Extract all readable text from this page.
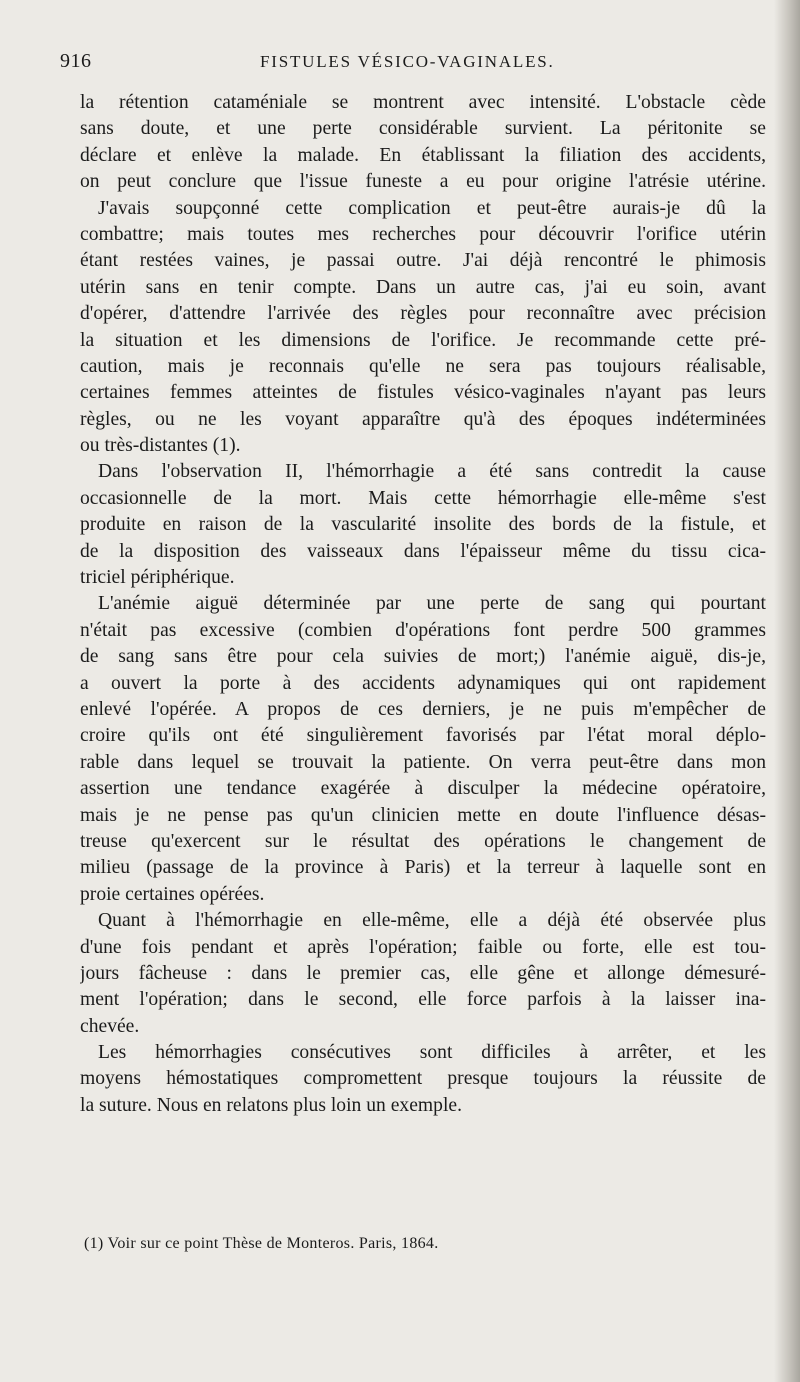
916	FISTULES VÉSICO-VAGINALES.
la rétention cataméniale se montrent avec intensité. L'obstacle cède
sans doute, et une perte considérable survient. La péritonite se
déclare et enlève la malade. En établissant la filiation des accidents,
on peut conclure que l'issue funeste a eu pour origine l'atrésie utérine.
J'avais soupçonné cette complication et peut-être aurais-je dû la
combattre; mais toutes mes recherches pour découvrir l'orifice utérin
étant restées vaines, je passai outre. J'ai déjà rencontré le phimosis
utérin sans en tenir compte. Dans un autre cas, j'ai eu soin, avant
d'opérer, d'attendre l'arrivée des règles pour reconnaître avec précision
la situation et les dimensions de l'orifice. Je recommande cette pré-
caution, mais je reconnais qu'elle ne sera pas toujours réalisable,
certaines femmes atteintes de fistules vésico-vaginales n'ayant pas leurs
règles, ou ne les voyant apparaître qu'à des époques indéterminées
ou très-distantes (1).
Dans l'observation II, l'hémorrhagie a été sans contredit la cause
occasionnelle de la mort. Mais cette hémorrhagie elle-même s'est
produite en raison de la vascularité insolite des bords de la fistule, et
de la disposition des vaisseaux dans l'épaisseur même du tissu cica-
triciel périphérique.
L'anémie aiguë déterminée par une perte de sang qui pourtant
n'était pas excessive (combien d'opérations font perdre 500 grammes
de sang sans être pour cela suivies de mort;) l'anémie aiguë, dis-je,
a ouvert la porte à des accidents adynamiques qui ont rapidement
enlevé l'opérée. A propos de ces derniers, je ne puis m'empêcher de
croire qu'ils ont été singulièrement favorisés par l'état moral déplo-
rable dans lequel se trouvait la patiente. On verra peut-être dans mon
assertion une tendance exagérée à disculper la médecine opératoire,
mais je ne pense pas qu'un clinicien mette en doute l'influence désas-
treuse qu'exercent sur le résultat des opérations le changement de
milieu (passage de la province à Paris) et la terreur à laquelle sont en
proie certaines opérées.
Quant à l'hémorrhagie en elle-même, elle a déjà été observée plus
d'une fois pendant et après l'opération; faible ou forte, elle est tou-
jours fâcheuse : dans le premier cas, elle gêne et allonge démesuré-
ment l'opération; dans le second, elle force parfois à la laisser ina-
chevée.
Les hémorrhagies consécutives sont difficiles à arrêter, et les
moyens hémostatiques compromettent presque toujours la réussite de
la suture. Nous en relatons plus loin un exemple.
(1) Voir sur ce point Thèse de Monteros. Paris, 1864.
